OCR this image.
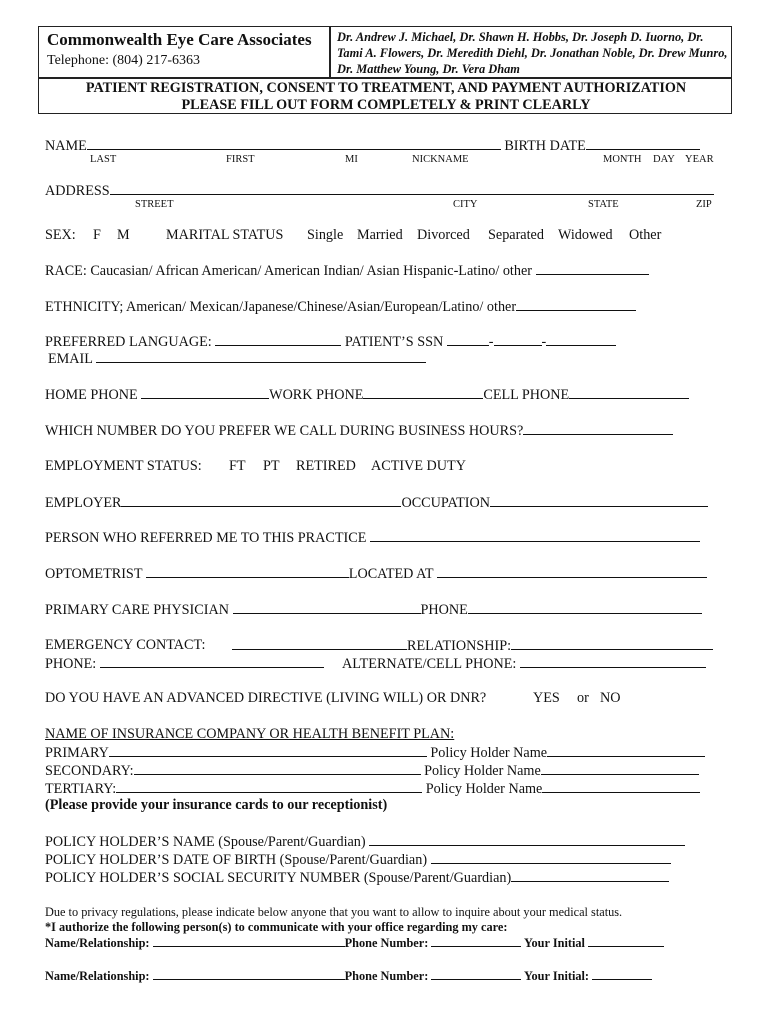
Commonwealth Eye Care Associates
Telephone: (804) 217-6363
Dr. Andrew J. Michael, Dr. Shawn H. Hobbs, Dr. Joseph D. Iuorno, Dr. Tami A. Flowers, Dr. Meredith Diehl, Dr. Jonathan Noble, Dr. Drew Munro, Dr. Matthew Young, Dr. Vera Dham
PATIENT REGISTRATION, CONSENT TO TREATMENT, AND PAYMENT AUTHORIZATION
PLEASE FILL OUT FORM COMPLETELY & PRINT CLEARLY
NAME	BIRTH DATE
LAST	FIRST	MI	NICKNAME	MONTH DAY YEAR
ADDRESS
STREET	CITY	STATE	ZIP
SEX: F M	MARITAL STATUS Single Married Divorced Separated Widowed Other
RACE: Caucasian/ African American/ American Indian/ Asian Hispanic-Latino/ other
ETHNICITY; American/ Mexican/Japanese/Chinese/Asian/European/Latino/ other
PREFERRED LANGUAGE:	PATIENT’S SSN	-	-
EMAIL
HOME PHONE	WORK PHONE	CELL PHONE
WHICH NUMBER DO YOU PREFER WE CALL DURING BUSINESS HOURS?
EMPLOYMENT STATUS: FT PT RETIRED ACTIVE DUTY
EMPLOYER	OCCUPATION
PERSON WHO REFERRED ME TO THIS PRACTICE
OPTOMETRIST	LOCATED AT
PRIMARY CARE PHYSICIAN	PHONE
EMERGENCY CONTACT:	RELATIONSHIP:
PHONE:	ALTERNATE/CELL PHONE:
DO YOU HAVE AN ADVANCED DIRECTIVE (LIVING WILL) OR DNR?	YES or NO
NAME OF INSURANCE COMPANY OR HEALTH BENEFIT PLAN:
PRIMARY	Policy Holder Name
SECONDARY:	Policy Holder Name
TERTIARY:	Policy Holder Name
(Please provide your insurance cards to our receptionist)
POLICY HOLDER’S NAME (Spouse/Parent/Guardian)
POLICY HOLDER’S DATE OF BIRTH (Spouse/Parent/Guardian)
POLICY HOLDER’S SOCIAL SECURITY NUMBER (Spouse/Parent/Guardian)
Due to privacy regulations, please indicate below anyone that you want to allow to inquire about your medical status.
*I authorize the following person(s) to communicate with your office regarding my care:
Name/Relationship:	Phone Number:	Your Initial
Name/Relationship:	Phone Number:	Your Initial:
